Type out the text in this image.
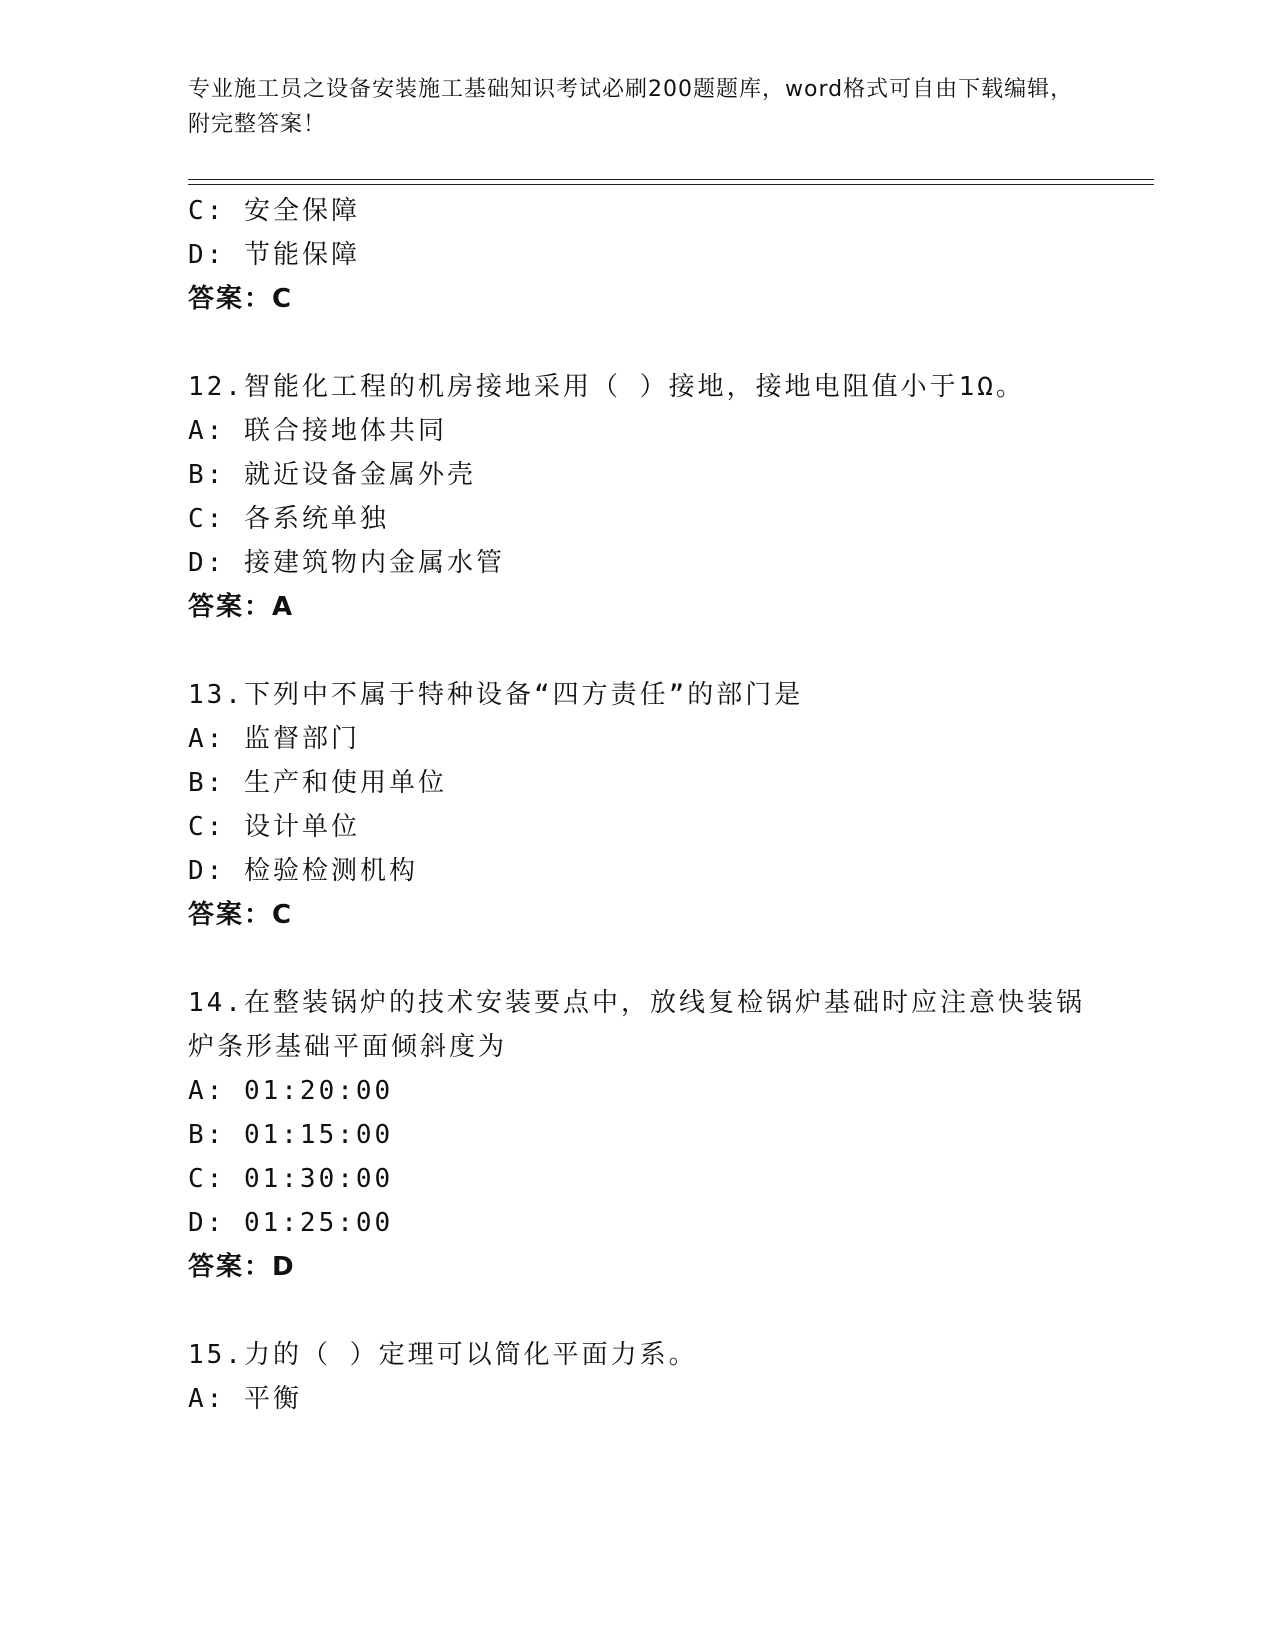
专业施工员之设备安装施工基础知识考试必刷200题题库，word格式可自由下载编辑，附完整答案！
C: 安全保障
D: 节能保障
答案：C
12.智能化工程的机房接地采用（ ）接地，接地电阻值小于1Ω。
A: 联合接地体共同
B: 就近设备金属外壳
C: 各系统单独
D: 接建筑物内金属水管
答案：A
13.下列中不属于特种设备“四方责任”的部门是
A: 监督部门
B: 生产和使用单位
C: 设计单位
D: 检验检测机构
答案：C
14.在整装锅炉的技术安装要点中，放线复检锅炉基础时应注意快装锅
炉条形基础平面倾斜度为
A: 01:20:00
B: 01:15:00
C: 01:30:00
D: 01:25:00
答案：D
15.力的（ ）定理可以简化平面力系。
A: 平衡
